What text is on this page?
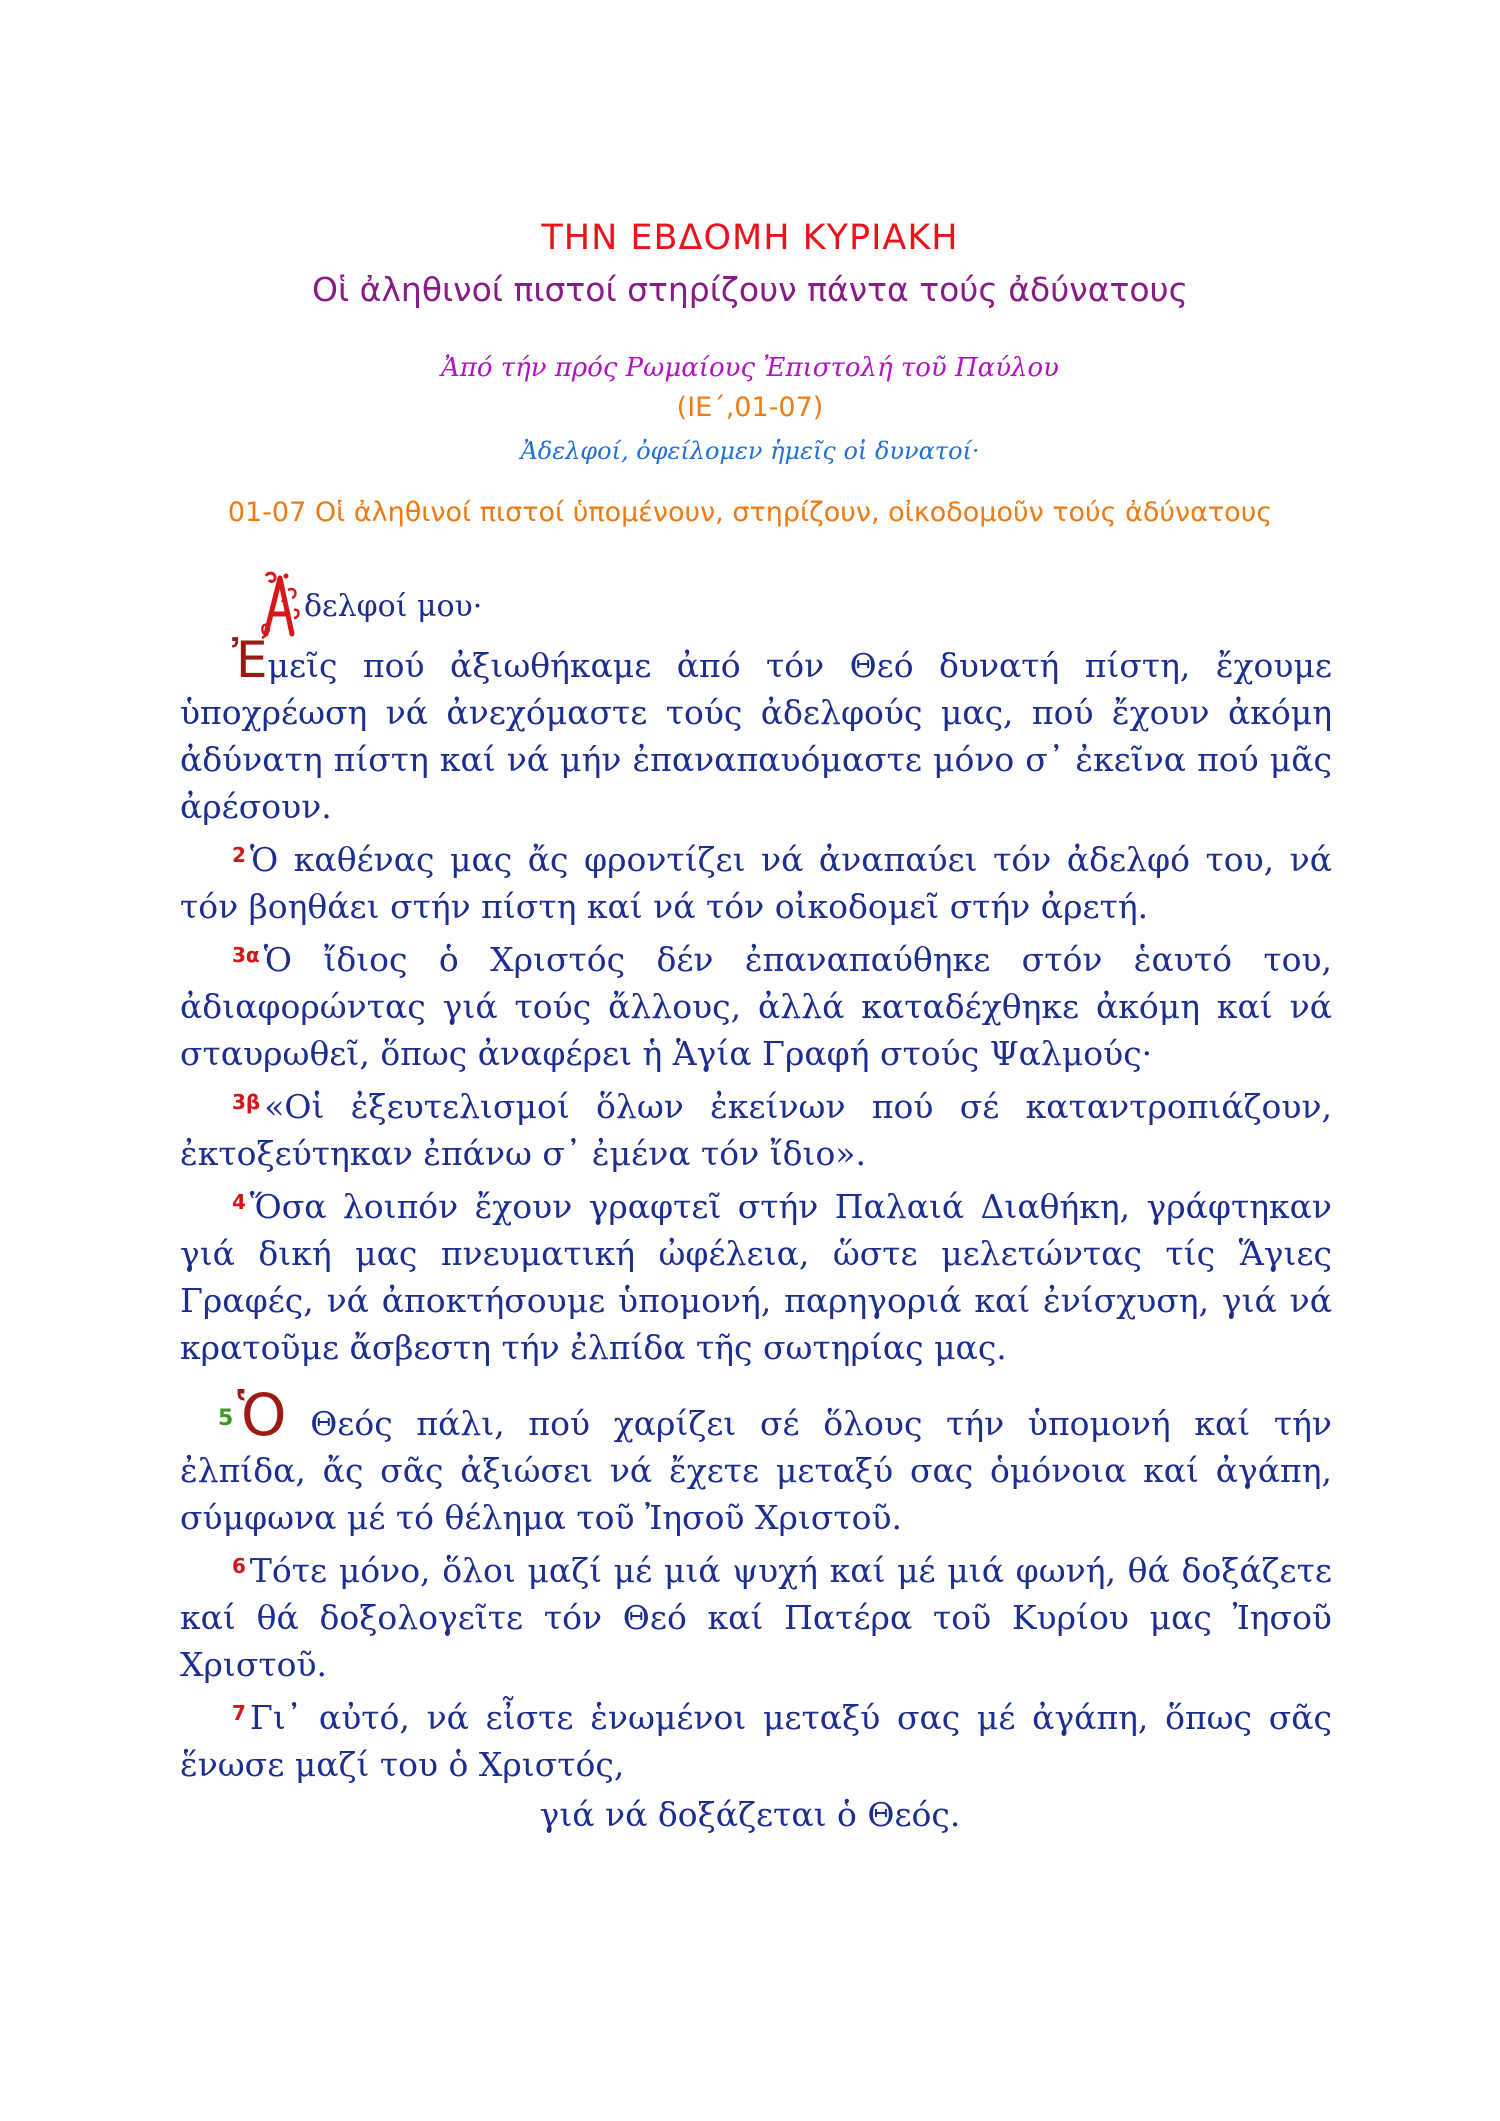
ΤΗΝ ΕΒΔΟΜΗ ΚΥΡΙΑΚΗ
Οἱ ἀληθινοί πιστοί στηρίζουν πάντα τούς ἀδύνατους
Ἀπό τήν πρός Ρωμαίους Ἐπιστολή τοῦ Παύλου
(ΙΕ΄,01-07)
Ἀδελφοί, ὀφείλομεν ἡμεῖς οἱ δυνατοί·
01-07 Οἱ ἀληθινοί πιστοί ὑπομένουν, στηρίζουν, οἰκοδομοῦν τούς ἀδύνατους
δελφοί μου·

Ἐμεῖς πού ἀξιωθήκαμε ἀπό τόν Θεό δυνατή πίστη, ἔχουμε ὑποχρέωση νά ἀνεχόμαστε τούς ἀδελφούς μας, πού ἔχουν ἀκόμη ἀδύνατη πίστη καί νά μήν ἐπαναπαυόμαστε μόνο σ᾽ ἐκεῖνα πού μᾶς ἀρέσουν.

$^2$ Ὁ καθένας μας ἄς φροντίζει νά ἀναπαύει τόν ἀδελφό του, νά τόν βοηθάει στήν πίστη καί νά τόν οἰκοδομεῖ στήν ἀρετή.

$^{3\alpha}$ Ὁ ἴδιος ὁ Χριστός δέν ἐπαναπαύθηκε στόν ἑαυτό του, ἀδιαφορώντας γιά τούς ἄλλους, ἀλλά καταδέχθηκε ἀκόμη καί νά σταυρωθεῖ, ὅπως ἀναφέρει ἡ Ἁγία Γραφή στούς Ψαλμούς·

$^{3\beta}$ «Οἱ ἐξευτελισμοί ὅλων ἐκείνων πού σέ καταντροπιάζουν, ἐκτοξεύτηκαν ἐπάνω σ᾽ ἐμένα τόν ἴδιο».

$^4$ Ὅσα λοιπόν ἔχουν γραφτεῖ στήν Παλαιά Διαθήκη, γράφτηκαν γιά δική μας πνευματική ὠφέλεια, ὥστε μελετώντας τίς Ἅγιες Γραφές, νά ἀποκτήσουμε ὑπομονή, παρηγοριά καί ἐνίσχυση, γιά νά κρατοῦμε ἄσβεστη τήν ἐλπίδα τῆς σωτηρίας μας.

$^5$Ὁ Θεός πάλι, πού χαρίζει σέ ὅλους τήν ὑπομονή καί τήν ἐλπίδα, ἄς σᾶς ἀξιώσει νά ἔχετε μεταξύ σας ὁμόνοια καί ἀγάπη, σύμφωνα μέ τό θέλημα τοῦ Ἰησοῦ Χριστοῦ.

$^6$ Τότε μόνο, ὅλοι μαζί μέ μιά ψυχή καί μέ μιά φωνή, θά δοξάζετε καί θά δοξολογεῖτε τόν Θεό καί Πατέρα τοῦ Κυρίου μας Ἰησοῦ Χριστοῦ.

$^7$ Γι᾽ αὐτό, νά εἶστε ἑνωμένοι μεταξύ σας μέ ἀγάπη, ὅπως σᾶς ἕνωσε μαζί του ὁ Χριστός,

γιά νά δοξάζεται ὁ Θεός.
